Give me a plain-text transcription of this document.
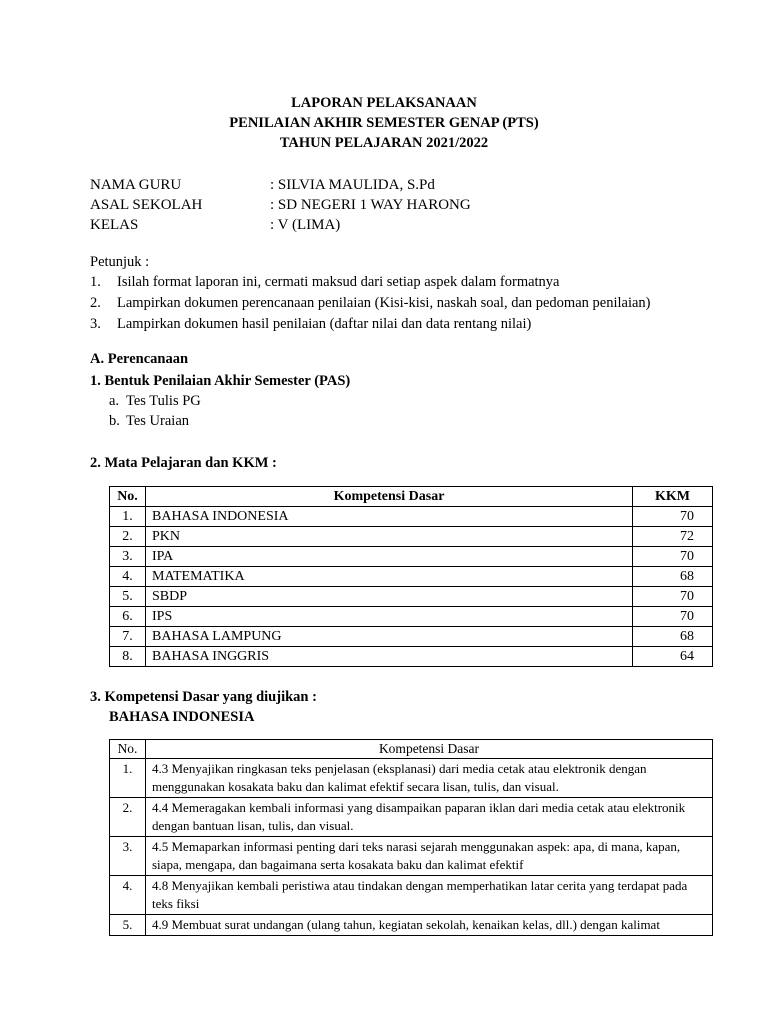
LAPORAN PELAKSANAAN
PENILAIAN AKHIR SEMESTER GENAP (PTS)
TAHUN PELAJARAN 2021/2022
NAMA GURU	: SILVIA MAULIDA, S.Pd
ASAL SEKOLAH	: SD NEGERI 1 WAY HARONG
KELAS	: V (LIMA)
Petunjuk :
1. Isilah format laporan ini, cermati maksud dari setiap aspek dalam formatnya
2. Lampirkan dokumen perencanaan penilaian (Kisi-kisi, naskah soal, dan pedoman penilaian)
3. Lampirkan dokumen hasil penilaian (daftar nilai dan data rentang nilai)
A. Perencanaan
1. Bentuk Penilaian Akhir Semester (PAS)
a. Tes Tulis PG
b. Tes Uraian
2. Mata Pelajaran dan KKM :
No.	Kompetensi Dasar	KKM
1.	BAHASA INDONESIA	70
2.	PKN	72
3.	IPA	70
4.	MATEMATIKA	68
5.	SBDP	70
6.	IPS	70
7.	BAHASA LAMPUNG	68
8.	BAHASA INGGRIS	64
3. Kompetensi Dasar yang diujikan :
BAHASA INDONESIA
No.	Kompetensi Dasar
1.	4.3 Menyajikan ringkasan teks penjelasan (eksplanasi) dari media cetak atau elektronik dengan menggunakan kosakata baku dan kalimat efektif secara lisan, tulis, dan visual.
2.	4.4 Memeragakan kembali informasi yang disampaikan paparan iklan dari media cetak atau elektronik dengan bantuan lisan, tulis, dan visual.
3.	4.5 Memaparkan informasi penting dari teks narasi sejarah menggunakan aspek: apa, di mana, kapan, siapa, mengapa, dan bagaimana serta kosakata baku dan kalimat efektif
4.	4.8 Menyajikan kembali peristiwa atau tindakan dengan memperhatikan latar cerita yang terdapat pada teks fiksi
5.	4.9 Membuat surat undangan (ulang tahun, kegiatan sekolah, kenaikan kelas, dll.) dengan kalimat
